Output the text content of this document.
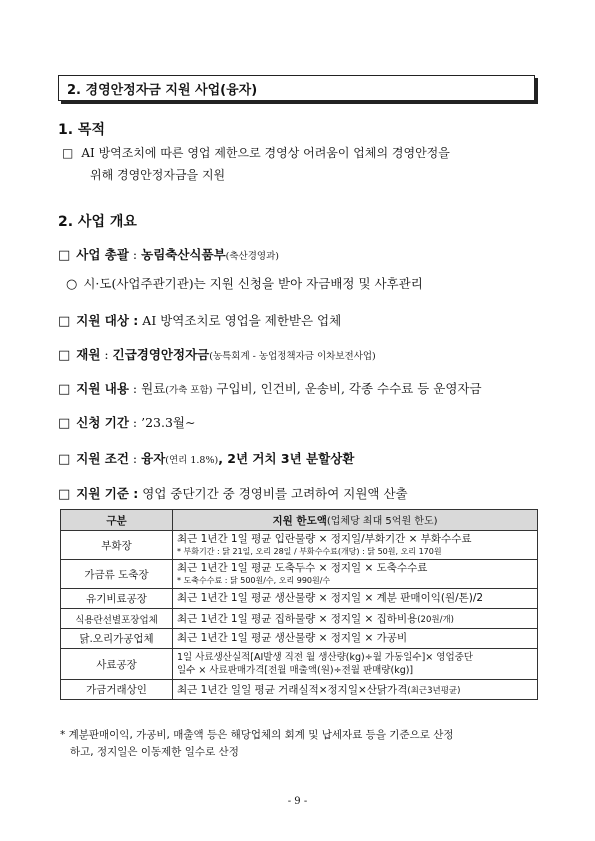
2. 경영안정자금 지원 사업(융자)
1. 목적
□ AI 방역조치에 따른 영업 제한으로 경영상 어려움이 업체의 경영안정을
위해 경영안정자금을 지원
2. 사업 개요
□ 사업 총괄 : 농림축산식품부(축산경영과)
○ 시·도(사업주관기관)는 지원 신청을 받아 자금배정 및 사후관리
□ 지원 대상 : AI 방역조치로 영업을 제한받은 업체
□ 재원 : 긴급경영안정자금(농특회계 - 농업정책자금 이차보전사업)
□ 지원 내용 : 원료(가축 포함) 구입비, 인건비, 운송비, 각종 수수료 등 운영자금
□ 신청 기간 : ’23.3월∼
□ 지원 조건 : 융자(연리 1.8%), 2년 거치 3년 분할상환
□ 지원 기준 : 영업 중단기간 중 경영비를 고려하여 지원액 산출
구분	지원 한도액(업체당 최대 5억원 한도)
부화장	최근 1년간 1일 평균 입란물량 × 정지일/부화기간 × 부화수수료
* 부화기간 : 닭 21일, 오리 28일 / 부화수수료(개당) : 닭 50원, 오리 170원

가금류 도축장	최근 1년간 1일 평균 도축두수 × 정지일 × 도축수수료
* 도축수수료 : 닭 500원/수, 오리 990원/수

유기비료공장	최근 1년간 1일 평균 생산물량 × 정지일 × 계분 판매이익(원/톤)/2

식용란선별포장업체	최근 1년간 1일 평균 집하물량 × 정지일 × 집하비용(20원/개)
닭.오리가공업체	최근 1년간 1일 평균 생산물량 × 정지일 × 가공비

사료공장	1일 사료생산실적[AI발생 직전 월 생산량(kg)÷월 가동일수]× 영업중단
일수 × 사료판매가격[전월 매출액(원)÷전월 판매량(kg)]

가금거래상인	최근 1년간 일일 평균 거래실적×정지일×산닭가격(최근3년평균)
* 계분판매이익, 가공비, 매출액 등은 해당업체의 회계 및 납세자료 등을 기준으로 산정
하고, 정지일은 이동제한 일수로 산정
- 9 -
